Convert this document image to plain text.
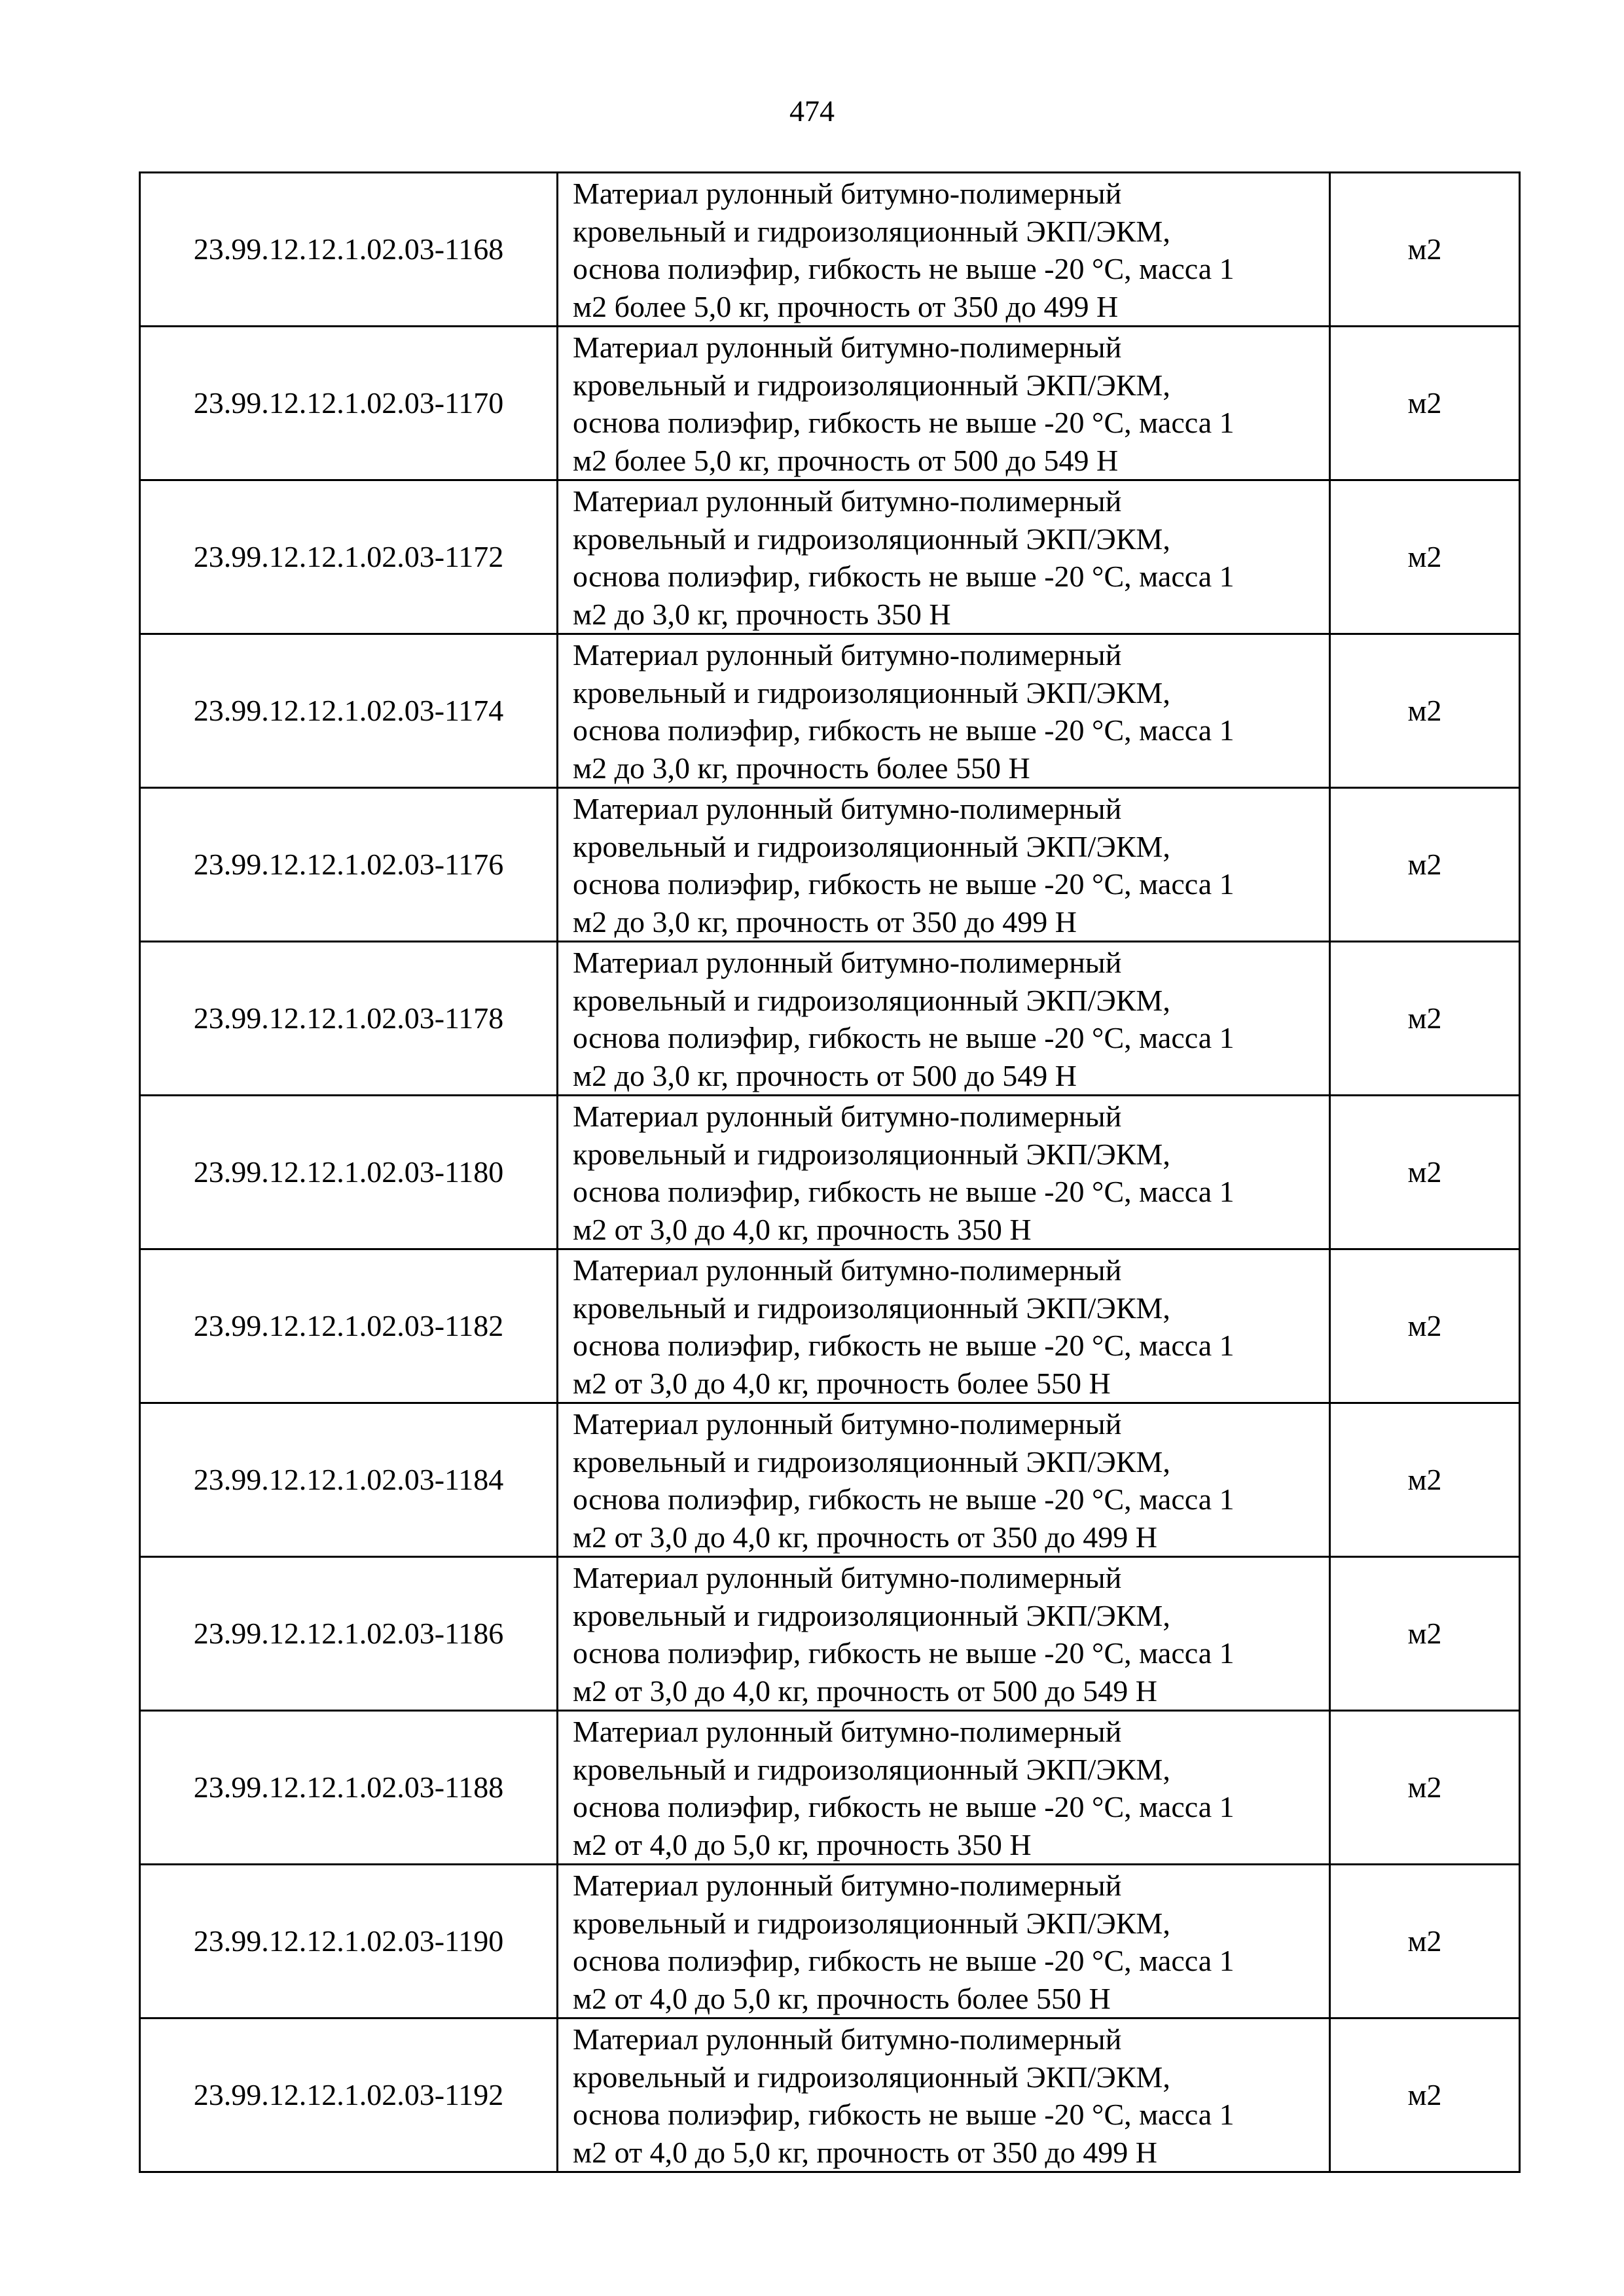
474
23.99.12.12.1.02.03-1168	Материал рулонный битумно-полимерный
кровельный и гидроизоляционный ЭКП/ЭКМ,
основа полиэфир, гибкость не выше -20 °С, масса 1
м2 более 5,0 кг, прочность от 350 до 499 Н	м2
23.99.12.12.1.02.03-1170	Материал рулонный битумно-полимерный
кровельный и гидроизоляционный ЭКП/ЭКМ,
основа полиэфир, гибкость не выше -20 °С, масса 1
м2 более 5,0 кг, прочность от 500 до 549 Н	м2
23.99.12.12.1.02.03-1172	Материал рулонный битумно-полимерный
кровельный и гидроизоляционный ЭКП/ЭКМ,
основа полиэфир, гибкость не выше -20 °С, масса 1
м2 до 3,0 кг, прочность 350 Н	м2
23.99.12.12.1.02.03-1174	Материал рулонный битумно-полимерный
кровельный и гидроизоляционный ЭКП/ЭКМ,
основа полиэфир, гибкость не выше -20 °С, масса 1
м2 до 3,0 кг, прочность более 550 Н	м2
23.99.12.12.1.02.03-1176	Материал рулонный битумно-полимерный
кровельный и гидроизоляционный ЭКП/ЭКМ,
основа полиэфир, гибкость не выше -20 °С, масса 1
м2 до 3,0 кг, прочность от 350 до 499 Н	м2
23.99.12.12.1.02.03-1178	Материал рулонный битумно-полимерный
кровельный и гидроизоляционный ЭКП/ЭКМ,
основа полиэфир, гибкость не выше -20 °С, масса 1
м2 до 3,0 кг, прочность от 500 до 549 Н	м2
23.99.12.12.1.02.03-1180	Материал рулонный битумно-полимерный
кровельный и гидроизоляционный ЭКП/ЭКМ,
основа полиэфир, гибкость не выше -20 °С, масса 1
м2 от 3,0 до 4,0 кг, прочность 350 Н	м2
23.99.12.12.1.02.03-1182	Материал рулонный битумно-полимерный
кровельный и гидроизоляционный ЭКП/ЭКМ,
основа полиэфир, гибкость не выше -20 °С, масса 1
м2 от 3,0 до 4,0 кг, прочность более 550 Н	м2
23.99.12.12.1.02.03-1184	Материал рулонный битумно-полимерный
кровельный и гидроизоляционный ЭКП/ЭКМ,
основа полиэфир, гибкость не выше -20 °С, масса 1
м2 от 3,0 до 4,0 кг, прочность от 350 до 499 Н	м2
23.99.12.12.1.02.03-1186	Материал рулонный битумно-полимерный
кровельный и гидроизоляционный ЭКП/ЭКМ,
основа полиэфир, гибкость не выше -20 °С, масса 1
м2 от 3,0 до 4,0 кг, прочность от 500 до 549 Н	м2
23.99.12.12.1.02.03-1188	Материал рулонный битумно-полимерный
кровельный и гидроизоляционный ЭКП/ЭКМ,
основа полиэфир, гибкость не выше -20 °С, масса 1
м2 от 4,0 до 5,0 кг, прочность 350 Н	м2
23.99.12.12.1.02.03-1190	Материал рулонный битумно-полимерный
кровельный и гидроизоляционный ЭКП/ЭКМ,
основа полиэфир, гибкость не выше -20 °С, масса 1
м2 от 4,0 до 5,0 кг, прочность более 550 Н	м2
23.99.12.12.1.02.03-1192	Материал рулонный битумно-полимерный
кровельный и гидроизоляционный ЭКП/ЭКМ,
основа полиэфир, гибкость не выше -20 °С, масса 1
м2 от 4,0 до 5,0 кг, прочность от 350 до 499 Н	м2
